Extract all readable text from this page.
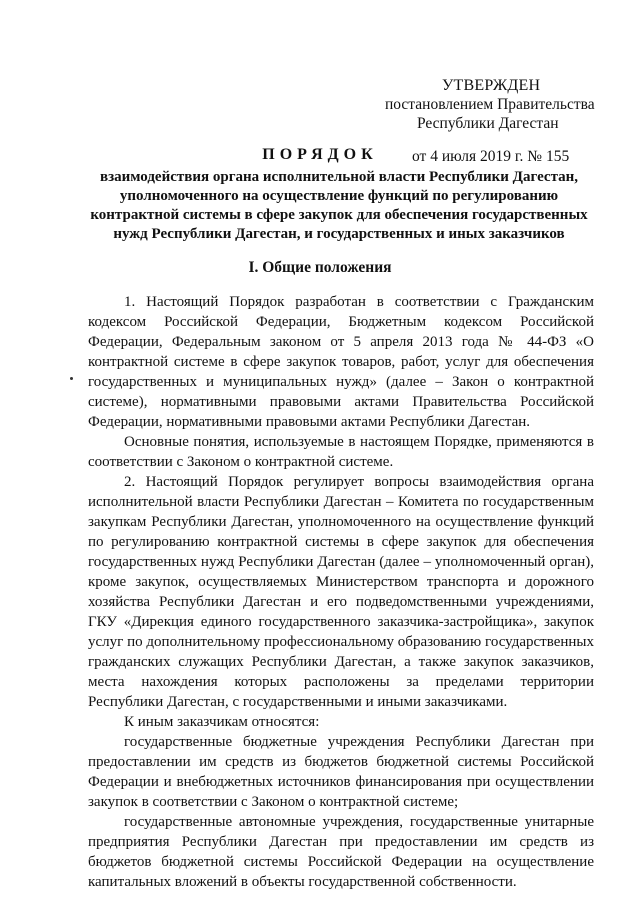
УТВЕРЖДЕН
постановлением Правительства
Республики Дагестан
от 4 июля 2019 г. № 155
ПОРЯДОК
взаимодействия органа исполнительной власти Республики Дагестан, уполномоченного на осуществление функций по регулированию контрактной системы в сфере закупок для обеспечения государственных нужд Республики Дагестан, и государственных и иных заказчиков
I. Общие положения

1. Настоящий Порядок разработан в соответствии с Гражданским кодексом Российской Федерации, Бюджетным кодексом Российской Федерации, Федеральным законом от 5 апреля 2013 года № 44-ФЗ «О контрактной системе в сфере закупок товаров, работ, услуг для обеспечения государственных и муниципальных нужд» (далее – Закон о контрактной системе), нормативными правовыми актами Правительства Российской Федерации, нормативными правовыми актами Республики Дагестан.

Основные понятия, используемые в настоящем Порядке, применяются в соответствии с Законом о контрактной системе.

2. Настоящий Порядок регулирует вопросы взаимодействия органа исполнительной власти Республики Дагестан – Комитета по государственным закупкам Республики Дагестан, уполномоченного на осуществление функций по регулированию контрактной системы в сфере закупок для обеспечения государственных нужд Республики Дагестан (далее – уполномоченный орган), кроме закупок, осуществляемых Министерством транспорта и дорожного хозяйства Республики Дагестан и его подведомственными учреждениями, ГКУ «Дирекция единого государственного заказчика-застройщика», закупок услуг по дополнительному профессиональному образованию государственных гражданских служащих Республики Дагестан, а также закупок заказчиков, места нахождения которых расположены за пределами территории Республики Дагестан, с государственными и иными заказчиками.

К иным заказчикам относятся:

государственные бюджетные учреждения Республики Дагестан при предоставлении им средств из бюджетов бюджетной системы Российской Федерации и внебюджетных источников финансирования при осуществлении закупок в соответствии с Законом о контрактной системе;

государственные автономные учреждения, государственные унитарные предприятия Республики Дагестан при предоставлении им средств из бюджетов бюджетной системы Российской Федерации на осуществление капитальных вложений в объекты государственной собственности.
